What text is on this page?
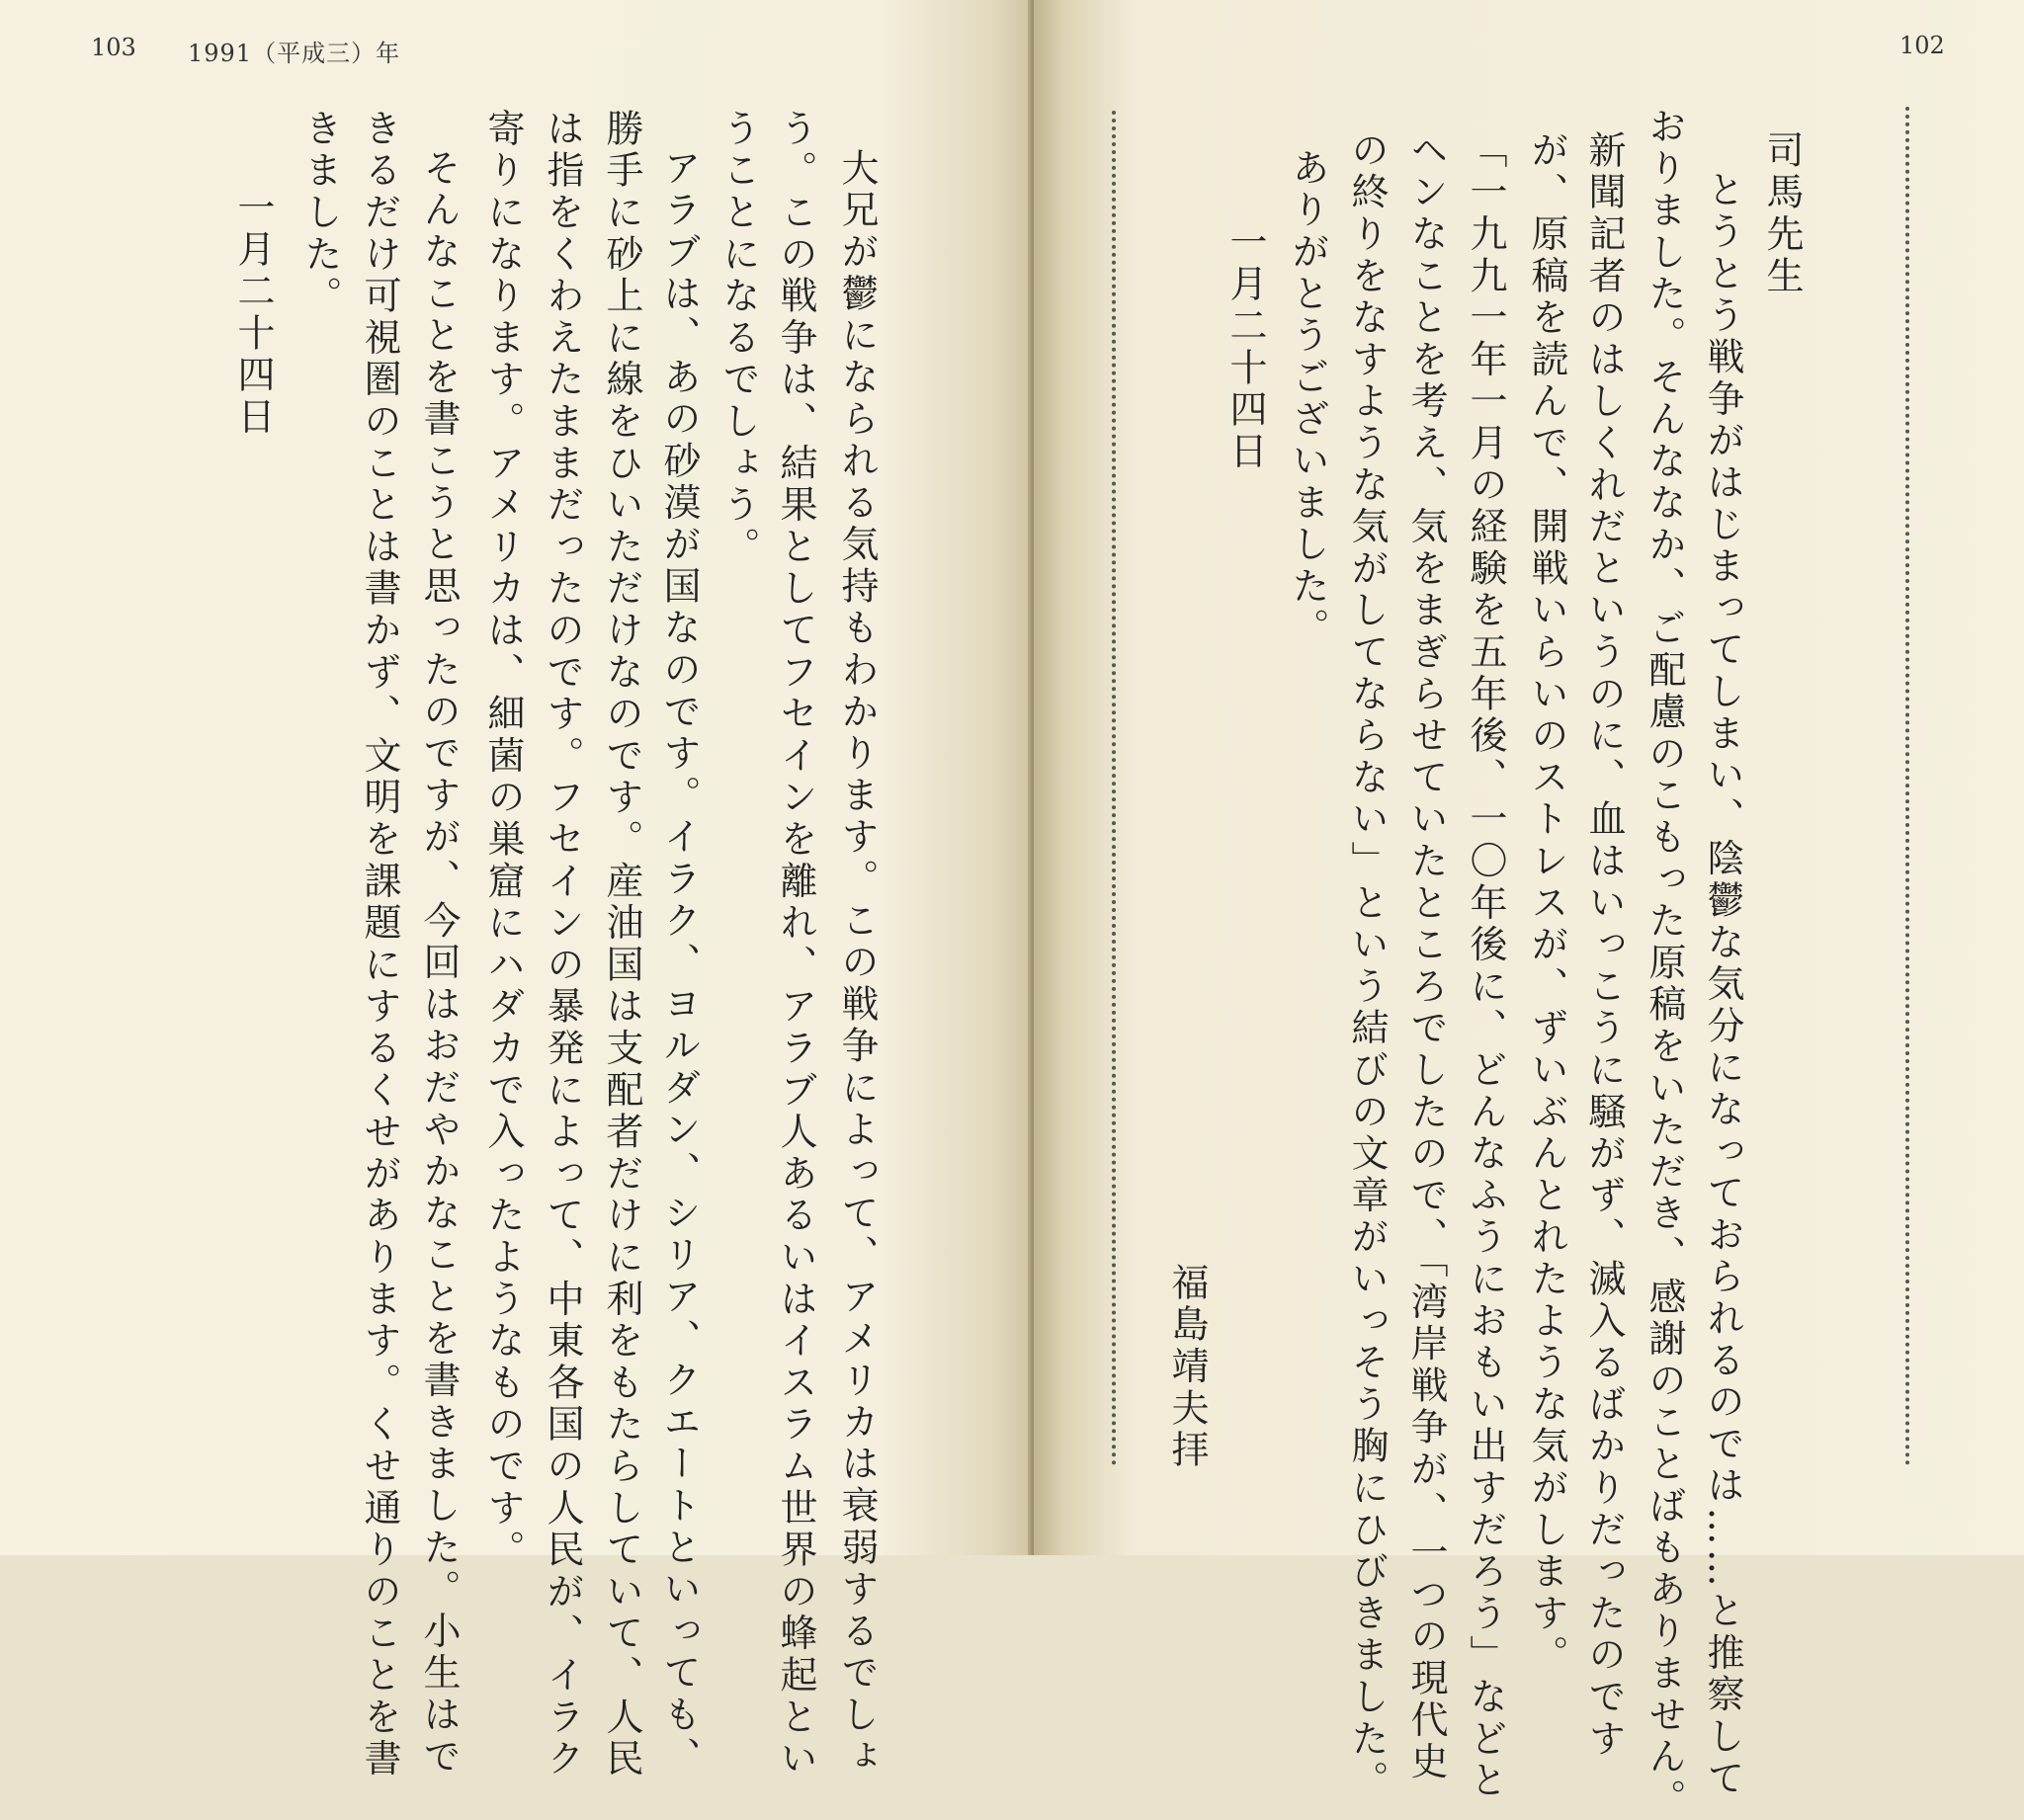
103 1991（平成三）年
大兄が鬱になられる気持もわかります。この戦争によって、アメリカは衰弱するでしょ
う。この戦争は、結果としてフセインを離れ、アラブ人あるいはイスラム世界の蜂起とい
うことになるでしょう。
アラブは、あの砂漠が国なのです。イラク、ヨルダン、シリア、クエートといっても、
勝手に砂上に線をひいただけなのです。産油国は支配者だけに利をもたらしていて、人民
は指をくわえたままだったのです。フセインの暴発によって、中東各国の人民が、イラク
寄りになります。アメリカは、細菌の巣窟にハダカで入ったようなものです。
そんなことを書こうと思ったのですが、今回はおだやかなことを書きました。小生はで
きるだけ可視圏のことは書かず、文明を課題にするくせがあります。くせ通りのことを書
きました。
一月二十四日
102
司馬先生
とうとう戦争がはじまってしまい、陰鬱な気分になっておられるのでは……と推察して
おりました。そんななか、ご配慮のこもった原稿をいただき、感謝のことばもありません。
新聞記者のはしくれだというのに、血はいっこうに騒がず、滅入るばかりだったのです
が、原稿を読んで、開戦いらいのストレスが、ずいぶんとれたような気がします。
「一九九一年一月の経験を五年後、一〇年後に、どんなふうにおもい出すだろう」などと
ヘンなことを考え、気をまぎらせていたところでしたので、「湾岸戦争が、一つの現代史
の終りをなすような気がしてならない」という結びの文章がいっそう胸にひびきました。
ありがとうございました。
一月二十四日
福島靖夫拝
